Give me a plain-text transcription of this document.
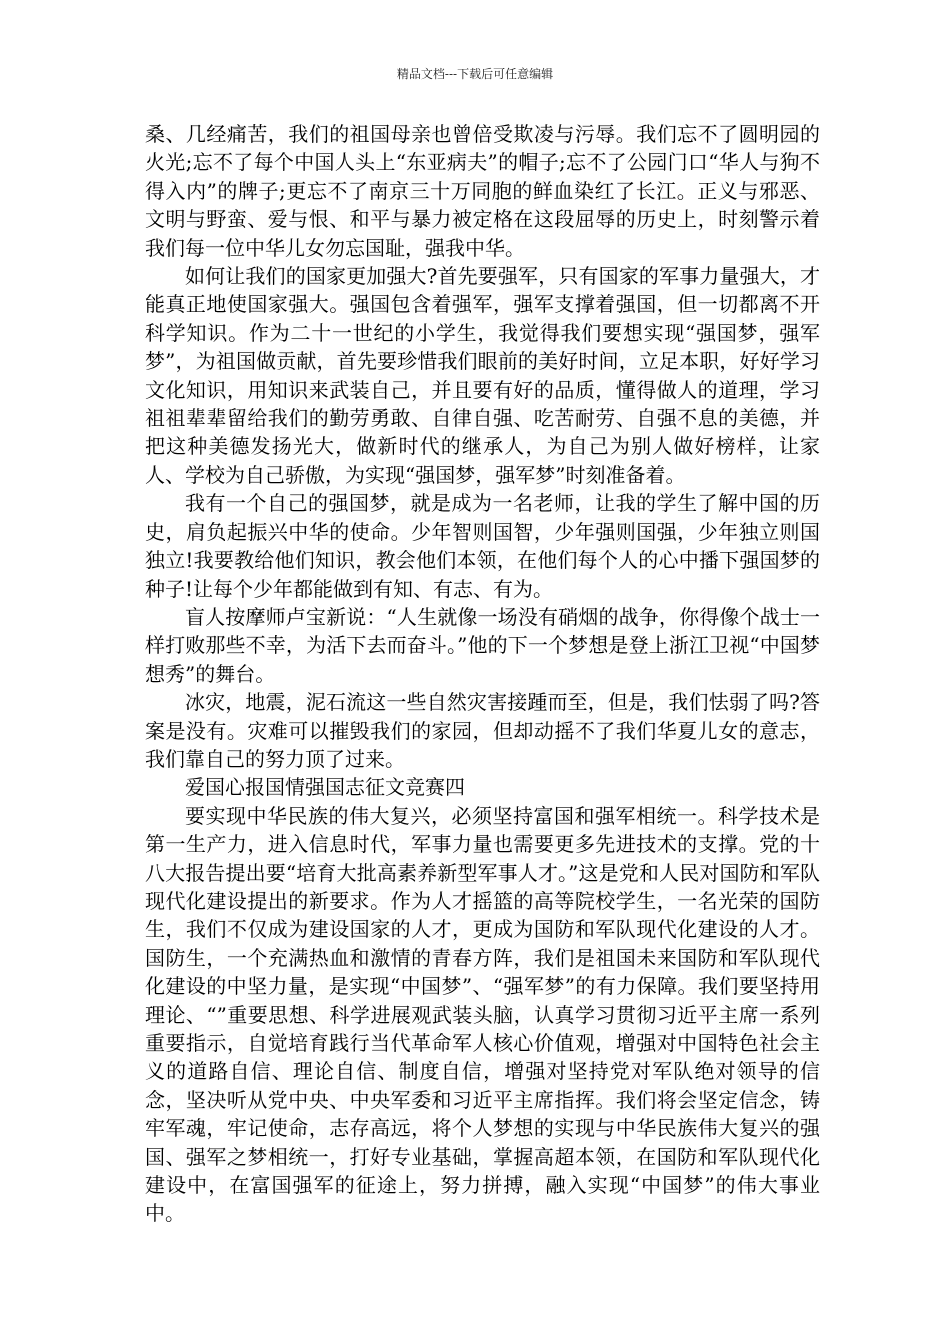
精品文档---下载后可任意编辑

桑、几经痛苦，我们的祖国母亲也曾倍受欺凌与污辱。我们忘不了圆明园的火光;忘不了每个中国人头上“东亚病夫”的帽子;忘不了公园门口“华人与狗不得入内”的牌子;更忘不了南京三十万同胞的鲜血染红了长江。正义与邪恶、文明与野蛮、爱与恨、和平与暴力被定格在这段屈辱的历史上，时刻警示着我们每一位中华儿女勿忘国耻，强我中华。

如何让我们的国家更加强大?首先要强军，只有国家的军事力量强大，才能真正地使国家强大。强国包含着强军，强军支撑着强国，但一切都离不开科学知识。作为二十一世纪的小学生，我觉得我们要想实现“强国梦，强军梦”，为祖国做贡献，首先要珍惜我们眼前的美好时间，立足本职，好好学习文化知识，用知识来武装自己，并且要有好的品质，懂得做人的道理，学习祖祖辈辈留给我们的勤劳勇敢、自律自强、吃苦耐劳、自强不息的美德，并把这种美德发扬光大，做新时代的继承人，为自己为别人做好榜样，让家人、学校为自己骄傲，为实现“强国梦，强军梦”时刻准备着。

我有一个自己的强国梦，就是成为一名老师，让我的学生了解中国的历史，肩负起振兴中华的使命。少年智则国智，少年强则国强，少年独立则国独立!我要教给他们知识，教会他们本领，在他们每个人的心中播下强国梦的种子!让每个少年都能做到有知、有志、有为。

盲人按摩师卢宝新说：“人生就像一场没有硝烟的战争，你得像个战士一样打败那些不幸，为活下去而奋斗。”他的下一个梦想是登上浙江卫视“中国梦想秀”的舞台。

冰灾，地震，泥石流这一些自然灾害接踵而至，但是，我们怯弱了吗?答案是没有。灾难可以摧毁我们的家园，但却动摇不了我们华夏儿女的意志，我们靠自己的努力顶了过来。

爱国心报国情强国志征文竞赛四

要实现中华民族的伟大复兴，必须坚持富国和强军相统一。科学技术是第一生产力，进入信息时代，军事力量也需要更多先进技术的支撑。党的十八大报告提出要“培育大批高素养新型军事人才。”这是党和人民对国防和军队现代化建设提出的新要求。作为人才摇篮的高等院校学生，一名光荣的国防生，我们不仅成为建设国家的人才，更成为国防和军队现代化建设的人才。国防生，一个充满热血和激情的青春方阵，我们是祖国未来国防和军队现代化建设的中坚力量，是实现“中国梦”、“强军梦”的有力保障。我们要坚持用理论、“”重要思想、科学进展观武装头脑，认真学习贯彻习近平主席一系列重要指示，自觉培育践行当代革命军人核心价值观，增强对中国特色社会主义的道路自信、理论自信、制度自信，增强对坚持党对军队绝对领导的信念，坚决听从党中央、中央军委和习近平主席指挥。我们将会坚定信念，铸牢军魂，牢记使命，志存高远，将个人梦想的实现与中华民族伟大复兴的强国、强军之梦相统一，打好专业基础，掌握高超本领，在国防和军队现代化建设中，在富国强军的征途上，努力拼搏，融入实现“中国梦”的伟大事业中。
